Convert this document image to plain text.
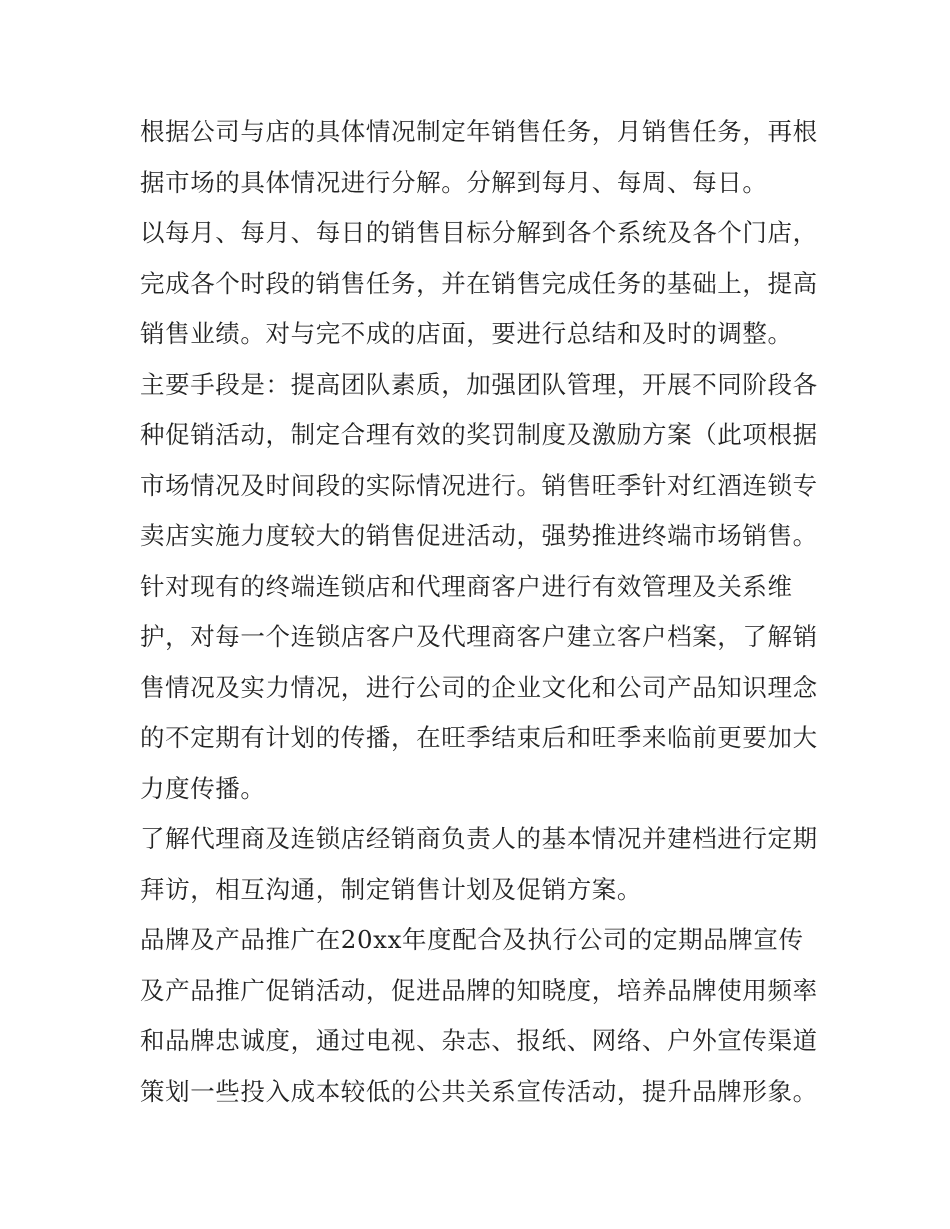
根据公司与店的具体情况制定年销售任务，月销售任务，再根
据市场的具体情况进行分解。分解到每月、每周、每日。
以每月、每月、每日的销售目标分解到各个系统及各个门店，
完成各个时段的销售任务，并在销售完成任务的基础上，提高
销售业绩。对与完不成的店面，要进行总结和及时的调整。
主要手段是：提高团队素质，加强团队管理，开展不同阶段各
种促销活动，制定合理有效的奖罚制度及激励方案（此项根据
市场情况及时间段的实际情况进行。销售旺季针对红酒连锁专
卖店实施力度较大的销售促进活动，强势推进终端市场销售。
针对现有的终端连锁店和代理商客户进行有效管理及关系维
护，对每一个连锁店客户及代理商客户建立客户档案，了解销
售情况及实力情况，进行公司的企业文化和公司产品知识理念
的不定期有计划的传播，在旺季结束后和旺季来临前更要加大
力度传播。
了解代理商及连锁店经销商负责人的基本情况并建档进行定期
拜访，相互沟通，制定销售计划及促销方案。
品牌及产品推广在20xx年度配合及执行公司的定期品牌宣传
及产品推广促销活动，促进品牌的知晓度，培养品牌使用频率
和品牌忠诚度，通过电视、杂志、报纸、网络、户外宣传渠道
策划一些投入成本较低的公共关系宣传活动，提升品牌形象。
